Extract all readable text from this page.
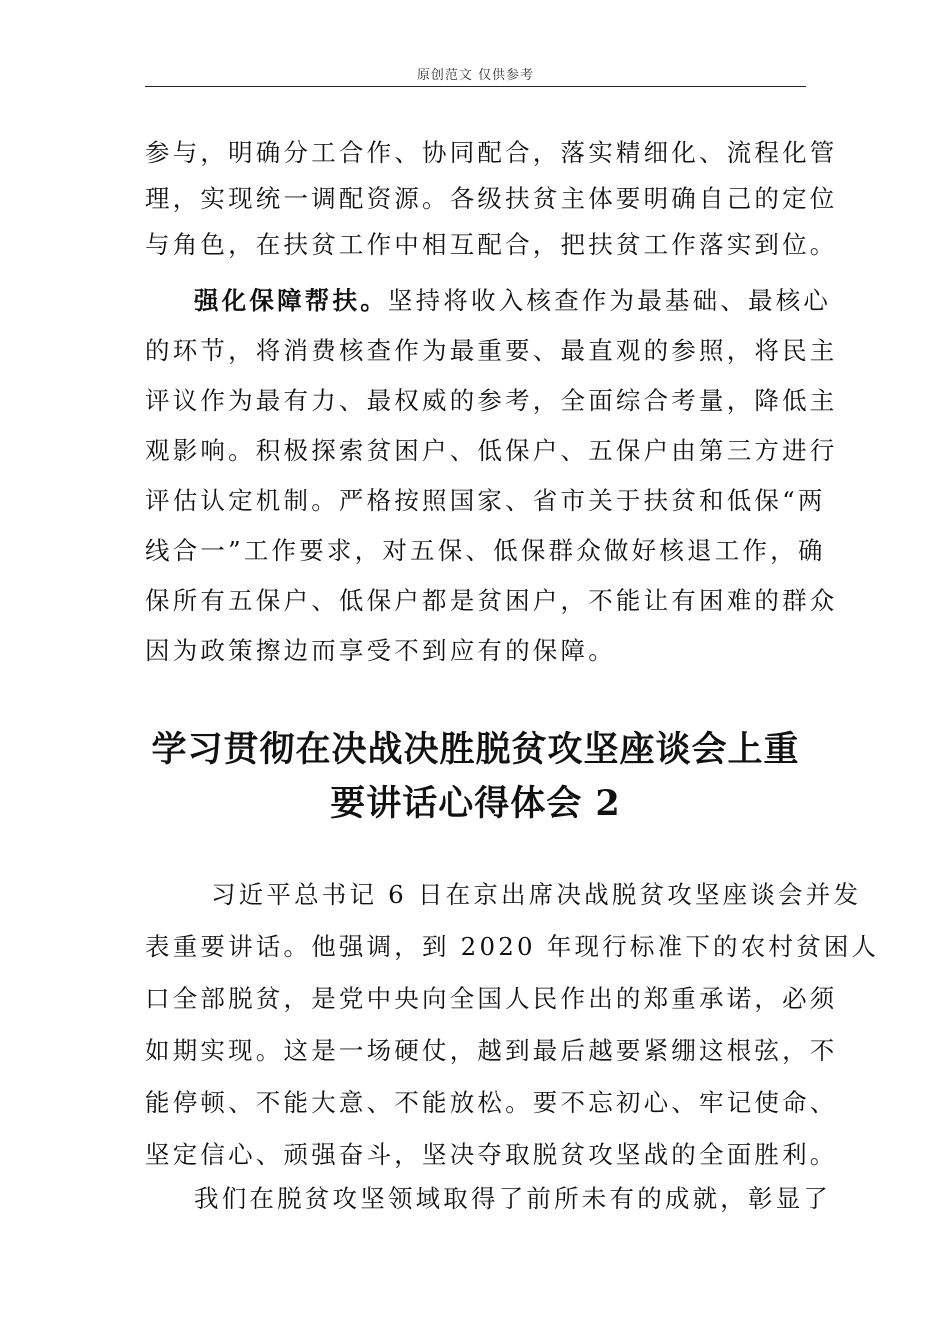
原创范文 仅供参考
参与，明确分工合作、协同配合，落实精细化、流程化管
理，实现统一调配资源。各级扶贫主体要明确自己的定位
与角色，在扶贫工作中相互配合，把扶贫工作落实到位。
强化保障帮扶。坚持将收入核查作为最基础、最核心
的环节，将消费核查作为最重要、最直观的参照，将民主
评议作为最有力、最权威的参考，全面综合考量，降低主
观影响。积极探索贫困户、低保户、五保户由第三方进行
评估认定机制。严格按照国家、省市关于扶贫和低保“两
线合一”工作要求，对五保、低保群众做好核退工作，确
保所有五保户、低保户都是贫困户，不能让有困难的群众
因为政策擦边而享受不到应有的保障。
学习贯彻在决战决胜脱贫攻坚座谈会上重
要讲话心得体会 2
习近平总书记 6 日在京出席决战脱贫攻坚座谈会并发
表重要讲话。他强调，到 2020 年现行标准下的农村贫困人
口全部脱贫，是党中央向全国人民作出的郑重承诺，必须
如期实现。这是一场硬仗，越到最后越要紧绷这根弦，不
能停顿、不能大意、不能放松。要不忘初心、牢记使命、
坚定信心、顽强奋斗，坚决夺取脱贫攻坚战的全面胜利。
我们在脱贫攻坚领域取得了前所未有的成就，彰显了
